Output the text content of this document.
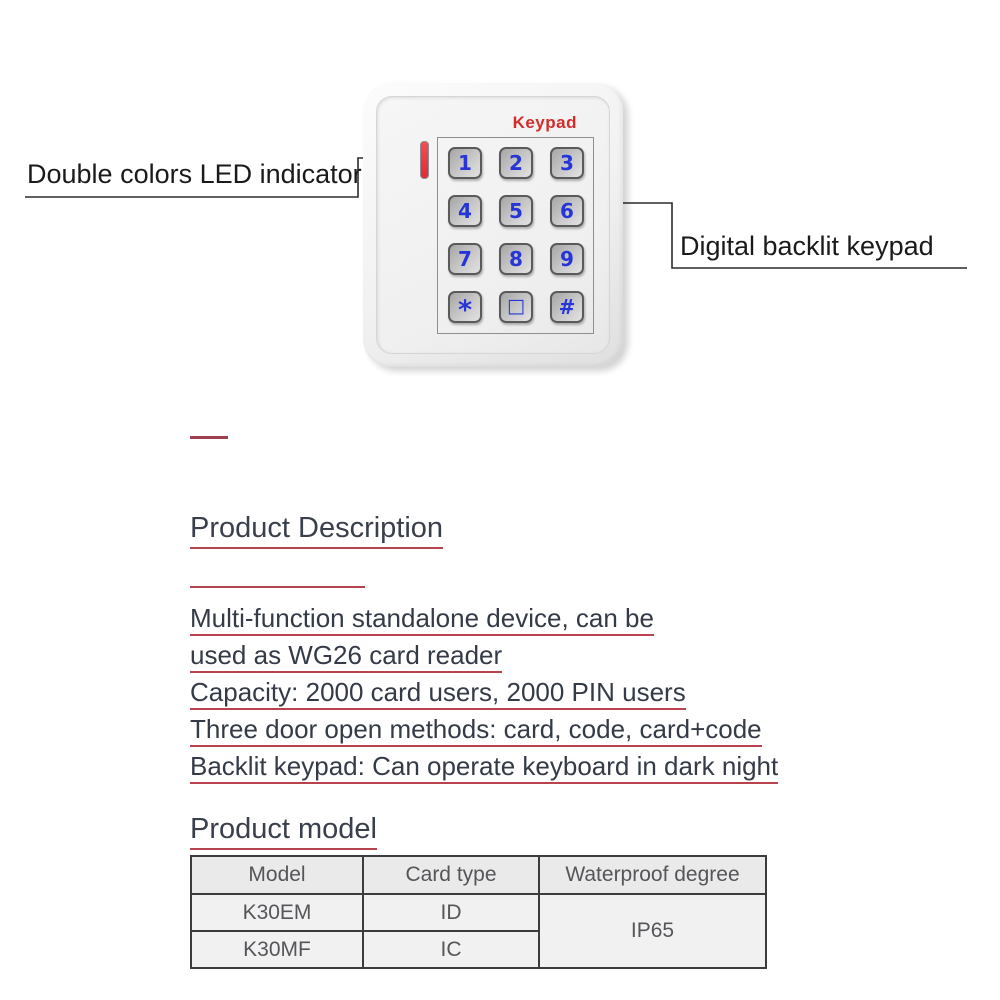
Keypad
1 2 3
4 5 6
7 8 9
* □ #
Double colors LED indicator
Digital backlit keypad
Product Description

Multi-function standalone device, can be

used as WG26 card reader

Capacity: 2000 card users, 2000 PIN users

Three door open methods: card, code, card+code

Backlit keypad: Can operate keyboard in dark night

Product model
Model	Card type	Waterproof degree
K30EM	ID	IP65
K30MF	IC	
